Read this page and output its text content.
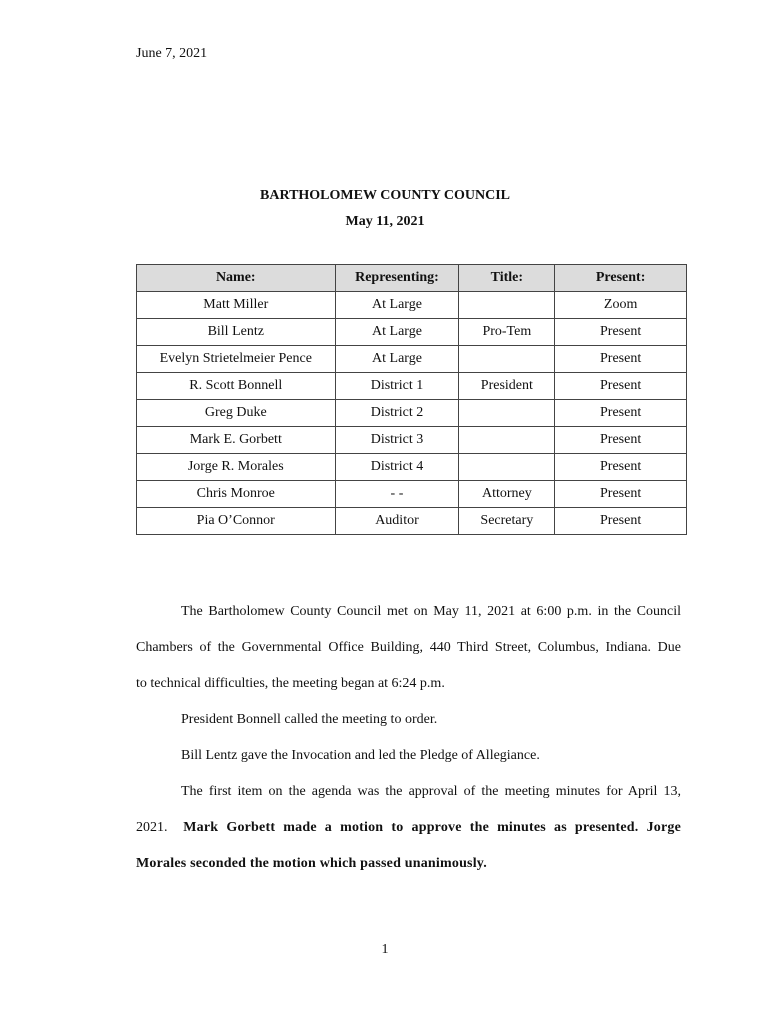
June 7, 2021
BARTHOLOMEW COUNTY COUNCIL
May 11, 2021
Name:	Representing:	Title:	Present:
Matt Miller	At Large		Zoom
Bill Lentz	At Large	Pro-Tem	Present
Evelyn Strietelmeier Pence	At Large		Present
R. Scott Bonnell	District 1	President	Present
Greg Duke	District 2		Present
Mark E. Gorbett	District 3		Present
Jorge R. Morales	District 4		Present
Chris Monroe	- -	Attorney	Present
Pia O’Connor	Auditor	Secretary	Present

The Bartholomew County Council met on May 11, 2021 at 6:00 p.m. in the Council

Chambers of the Governmental Office Building, 440 Third Street, Columbus, Indiana. Due

to technical difficulties, the meeting began at 6:24 p.m.

President Bonnell called the meeting to order.

Bill Lentz gave the Invocation and led the Pledge of Allegiance.

The first item on the agenda was the approval of the meeting minutes for April 13,

2021. Mark Gorbett made a motion to approve the minutes as presented. Jorge

Morales seconded the motion which passed unanimously.

1
